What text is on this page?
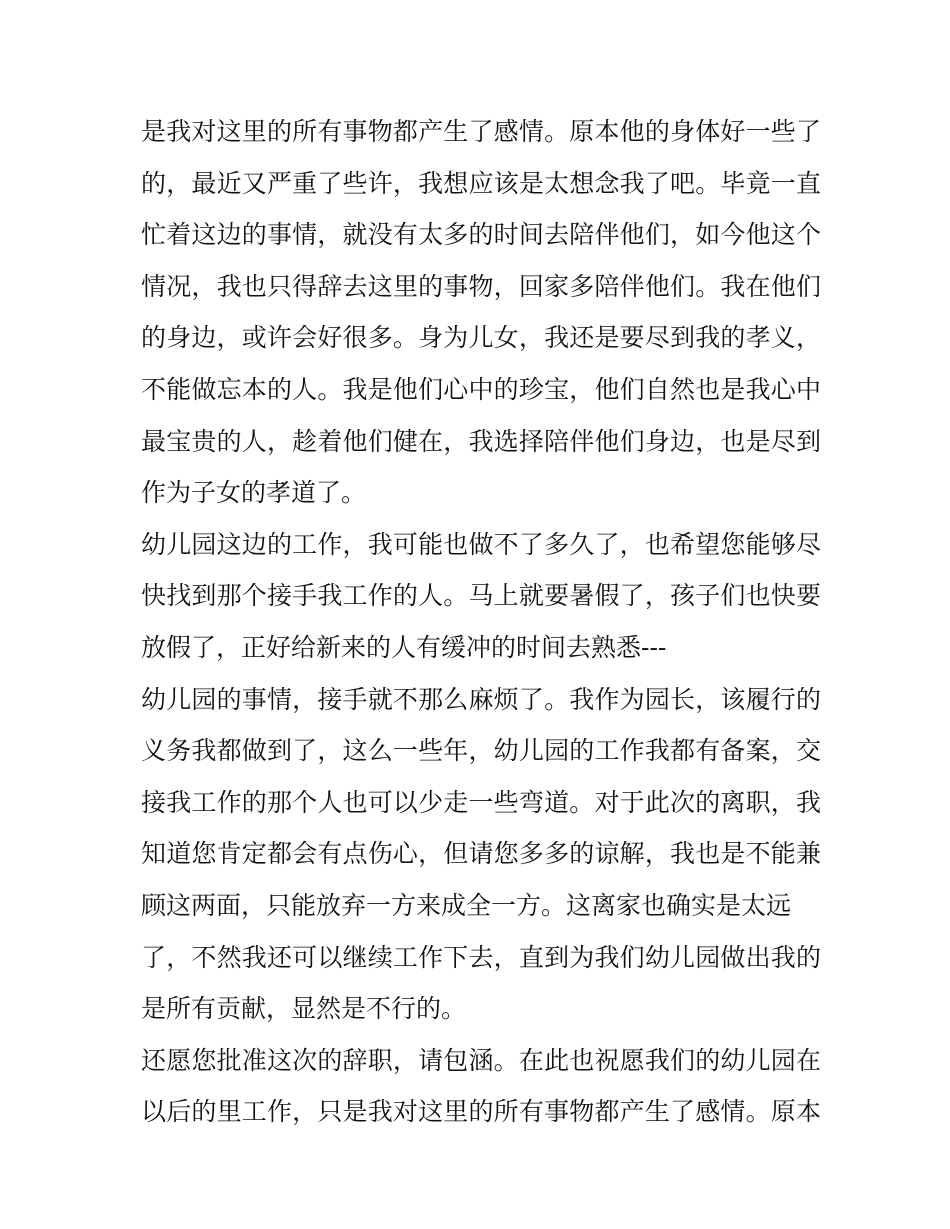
是我对这里的所有事物都产生了感情。原本他的身体好一些了
的，最近又严重了些许，我想应该是太想念我了吧。毕竟一直
忙着这边的事情，就没有太多的时间去陪伴他们，如今他这个
情况，我也只得辞去这里的事物，回家多陪伴他们。我在他们
的身边，或许会好很多。身为儿女，我还是要尽到我的孝义，
不能做忘本的人。我是他们心中的珍宝，他们自然也是我心中
最宝贵的人，趁着他们健在，我选择陪伴他们身边，也是尽到
作为子女的孝道了。
幼儿园这边的工作，我可能也做不了多久了，也希望您能够尽
快找到那个接手我工作的人。马上就要暑假了，孩子们也快要
放假了，正好给新来的人有缓冲的时间去熟悉---
幼儿园的事情，接手就不那么麻烦了。我作为园长，该履行的
义务我都做到了，这么一些年，幼儿园的工作我都有备案，交
接我工作的那个人也可以少走一些弯道。对于此次的离职，我
知道您肯定都会有点伤心，但请您多多的谅解，我也是不能兼
顾这两面，只能放弃一方来成全一方。这离家也确实是太远
了，不然我还可以继续工作下去，直到为我们幼儿园做出我的
是所有贡献，显然是不行的。
还愿您批准这次的辞职，请包涵。在此也祝愿我们的幼儿园在
以后的里工作，只是我对这里的所有事物都产生了感情。原本
